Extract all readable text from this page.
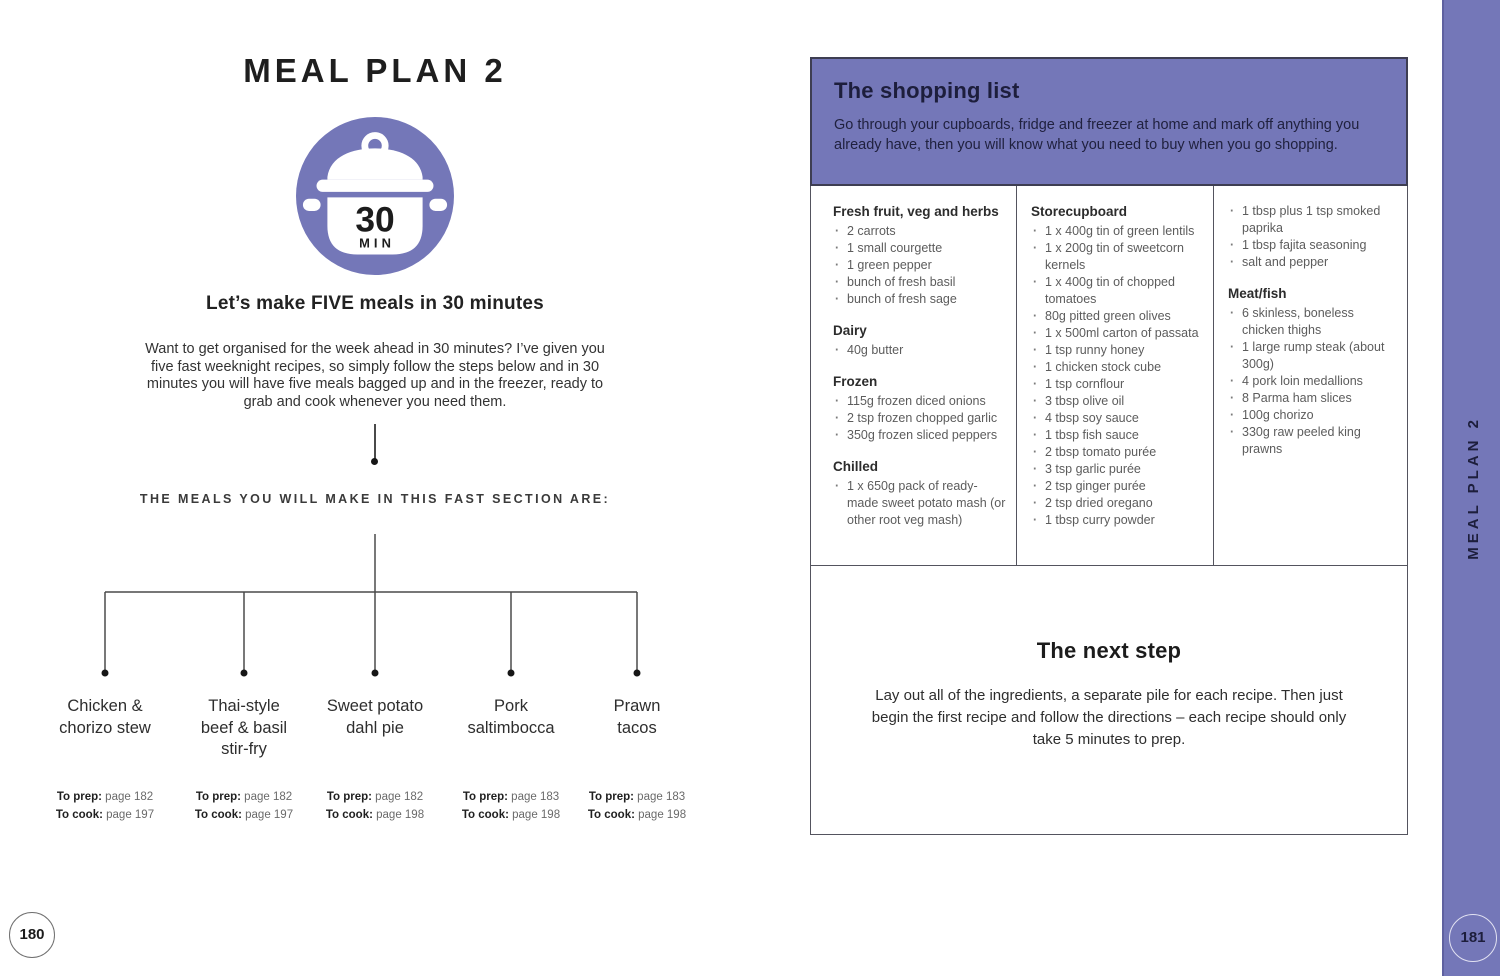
MEAL PLAN 2
30
MIN
Let’s make FIVE meals in 30 minutes

Want to get organised for the week ahead in 30 minutes? I’ve given you five fast weeknight recipes, so simply follow the steps below and in 30 minutes you will have five meals bagged up and in the freezer, ready to grab and cook whenever you need them.

THE MEALS YOU WILL MAKE IN THIS FAST SECTION ARE:
Chicken &
chorizo stew
Thai-style
beef & basil
stir-fry
Sweet potato
dahl pie
Pork
saltimbocca
Prawn
tacos
To prep: page 182
To cook: page 197
To prep: page 182
To cook: page 197
To prep: page 182
To cook: page 198
To prep: page 183
To cook: page 198
To prep: page 183
To cook: page 198
180
The shopping list

Go through your cupboards, fridge and freezer at home and mark off anything you already have, then you will know what you need to buy when you go shopping.

Fresh fruit, veg and herbs
· 2 carrots
· 1 small courgette
· 1 green pepper
· bunch of fresh basil
· bunch of fresh sage
Dairy
· 40g butter
Frozen
· 115g frozen diced onions
· 2 tsp frozen chopped garlic
· 350g frozen sliced peppers
Chilled
· 1 x 650g pack of ready-made sweet potato mash (or other root veg mash)
Storecupboard
· 1 x 400g tin of green lentils
· 1 x 200g tin of sweetcorn kernels
· 1 x 400g tin of chopped tomatoes
· 80g pitted green olives
· 1 x 500ml carton of passata
· 1 tsp runny honey
· 1 chicken stock cube
· 1 tsp cornflour
· 3 tbsp olive oil
· 4 tbsp soy sauce
· 1 tbsp fish sauce
· 2 tbsp tomato purée
· 3 tsp garlic purée
· 2 tsp ginger purée
· 2 tsp dried oregano
· 1 tbsp curry powder
· 1 tbsp plus 1 tsp smoked paprika
· 1 tbsp fajita seasoning
· salt and pepper
Meat/fish
· 6 skinless, boneless chicken thighs
· 1 large rump steak (about 300g)
· 4 pork loin medallions
· 8 Parma ham slices
· 100g chorizo
· 330g raw peeled king prawns
The next step

Lay out all of the ingredients, a separate pile for each recipe. Then just begin the first recipe and follow the directions – each recipe should only take 5 minutes to prep.

MEAL PLAN 2
181
